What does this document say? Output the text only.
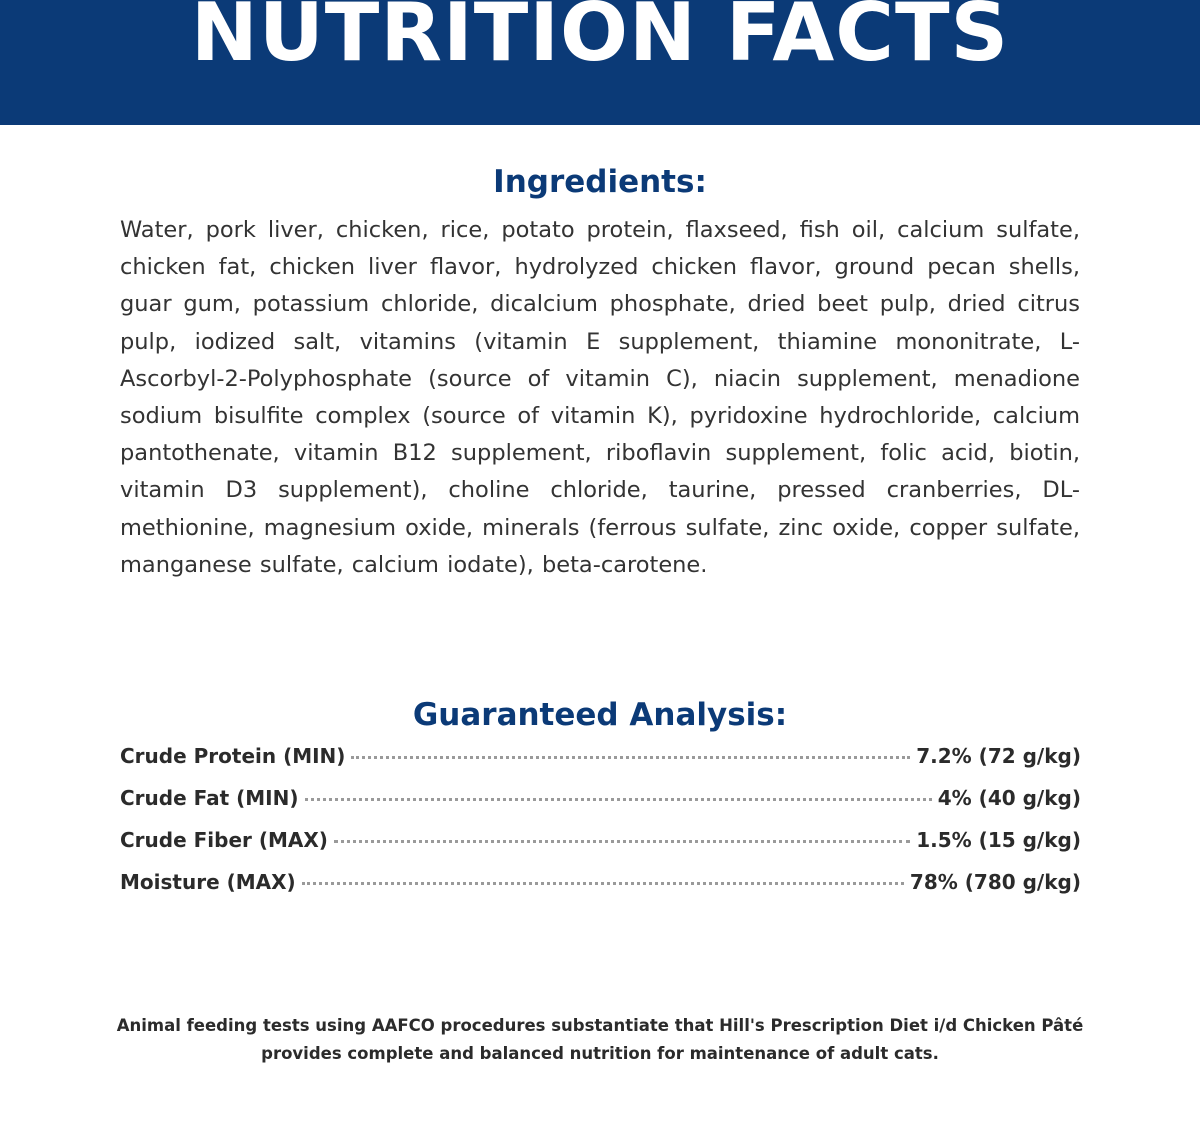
NUTRITION FACTS
Ingredients:

Water, pork liver, chicken, rice, potato protein, flaxseed, fish oil, calcium sulfate, chicken fat, chicken liver flavor, hydrolyzed chicken flavor, ground pecan shells, guar gum, potassium chloride, dicalcium phosphate, dried beet pulp, dried citrus pulp, iodized salt, vitamins (vitamin E supplement, thiamine mononitrate, L-Ascorbyl-2-Polyphosphate (source of vitamin C), niacin supplement, menadione sodium bisulfite complex (source of vitamin K), pyridoxine hydrochloride, calcium pantothenate, vitamin B12 supplement, riboflavin supplement, folic acid, biotin, vitamin D3 supplement), choline chloride, taurine, pressed cranberries, DL-methionine, magnesium oxide, minerals (ferrous sulfate, zinc oxide, copper sulfate, manganese sulfate, calcium iodate), beta-carotene.

Guaranteed Analysis:
Crude Protein (MIN)	7.2% (72 g/kg)
Crude Fat (MIN)	4% (40 g/kg)
Crude Fiber (MAX)	1.5% (15 g/kg)
Moisture (MAX)	78% (780 g/kg)

Animal feeding tests using AAFCO procedures substantiate that Hill's Prescription Diet i/d Chicken Pâté
provides complete and balanced nutrition for maintenance of adult cats.
